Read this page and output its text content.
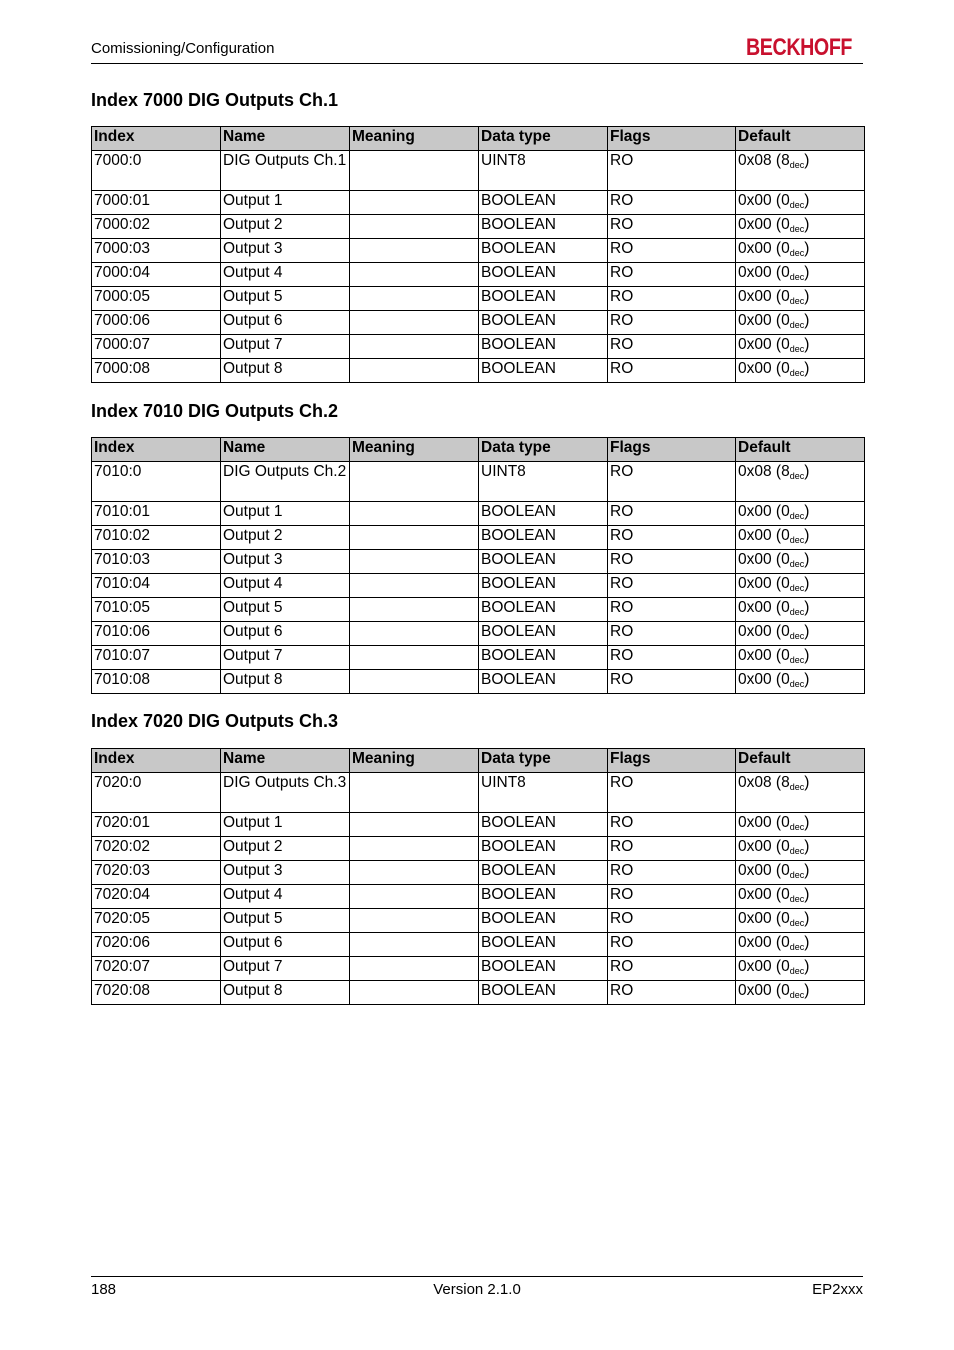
Comissioning/Configuration	BECKHOFF
Index 7000 DIG Outputs Ch.1
Index	Name	Meaning	Data type	Flags	Default
7000:0	DIG Outputs Ch.1		UINT8	RO	0x08 $(8_{dec})$
7000:01	Output 1		BOOLEAN	RO	0x00 $(0_{dec})$
7000:02	Output 2		BOOLEAN	RO	0x00 $(0_{dec})$
7000:03	Output 3		BOOLEAN	RO	0x00 $(0_{dec})$
7000:04	Output 4		BOOLEAN	RO	0x00 $(0_{dec})$
7000:05	Output 5		BOOLEAN	RO	0x00 $(0_{dec})$
7000:06	Output 6		BOOLEAN	RO	0x00 $(0_{dec})$
7000:07	Output 7		BOOLEAN	RO	0x00 $(0_{dec})$
7000:08	Output 8		BOOLEAN	RO	0x00 $(0_{dec})$
Index 7010 DIG Outputs Ch.2
Index	Name	Meaning	Data type	Flags	Default
7010:0	DIG Outputs Ch.2		UINT8	RO	0x08 $(8_{dec})$
7010:01	Output 1		BOOLEAN	RO	0x00 $(0_{dec})$
7010:02	Output 2		BOOLEAN	RO	0x00 $(0_{dec})$
7010:03	Output 3		BOOLEAN	RO	0x00 $(0_{dec})$
7010:04	Output 4		BOOLEAN	RO	0x00 $(0_{dec})$
7010:05	Output 5		BOOLEAN	RO	0x00 $(0_{dec})$
7010:06	Output 6		BOOLEAN	RO	0x00 $(0_{dec})$
7010:07	Output 7		BOOLEAN	RO	0x00 $(0_{dec})$
7010:08	Output 8		BOOLEAN	RO	0x00 $(0_{dec})$
Index 7020 DIG Outputs Ch.3
Index	Name	Meaning	Data type	Flags	Default
7020:0	DIG Outputs Ch.3		UINT8	RO	0x08 $(8_{dec})$
7020:01	Output 1		BOOLEAN	RO	0x00 $(0_{dec})$
7020:02	Output 2		BOOLEAN	RO	0x00 $(0_{dec})$
7020:03	Output 3		BOOLEAN	RO	0x00 $(0_{dec})$
7020:04	Output 4		BOOLEAN	RO	0x00 $(0_{dec})$
7020:05	Output 5		BOOLEAN	RO	0x00 $(0_{dec})$
7020:06	Output 6		BOOLEAN	RO	0x00 $(0_{dec})$
7020:07	Output 7		BOOLEAN	RO	0x00 $(0_{dec})$
7020:08	Output 8		BOOLEAN	RO	0x00 $(0_{dec})$
188	Version 2.1.0	EP2xxx
